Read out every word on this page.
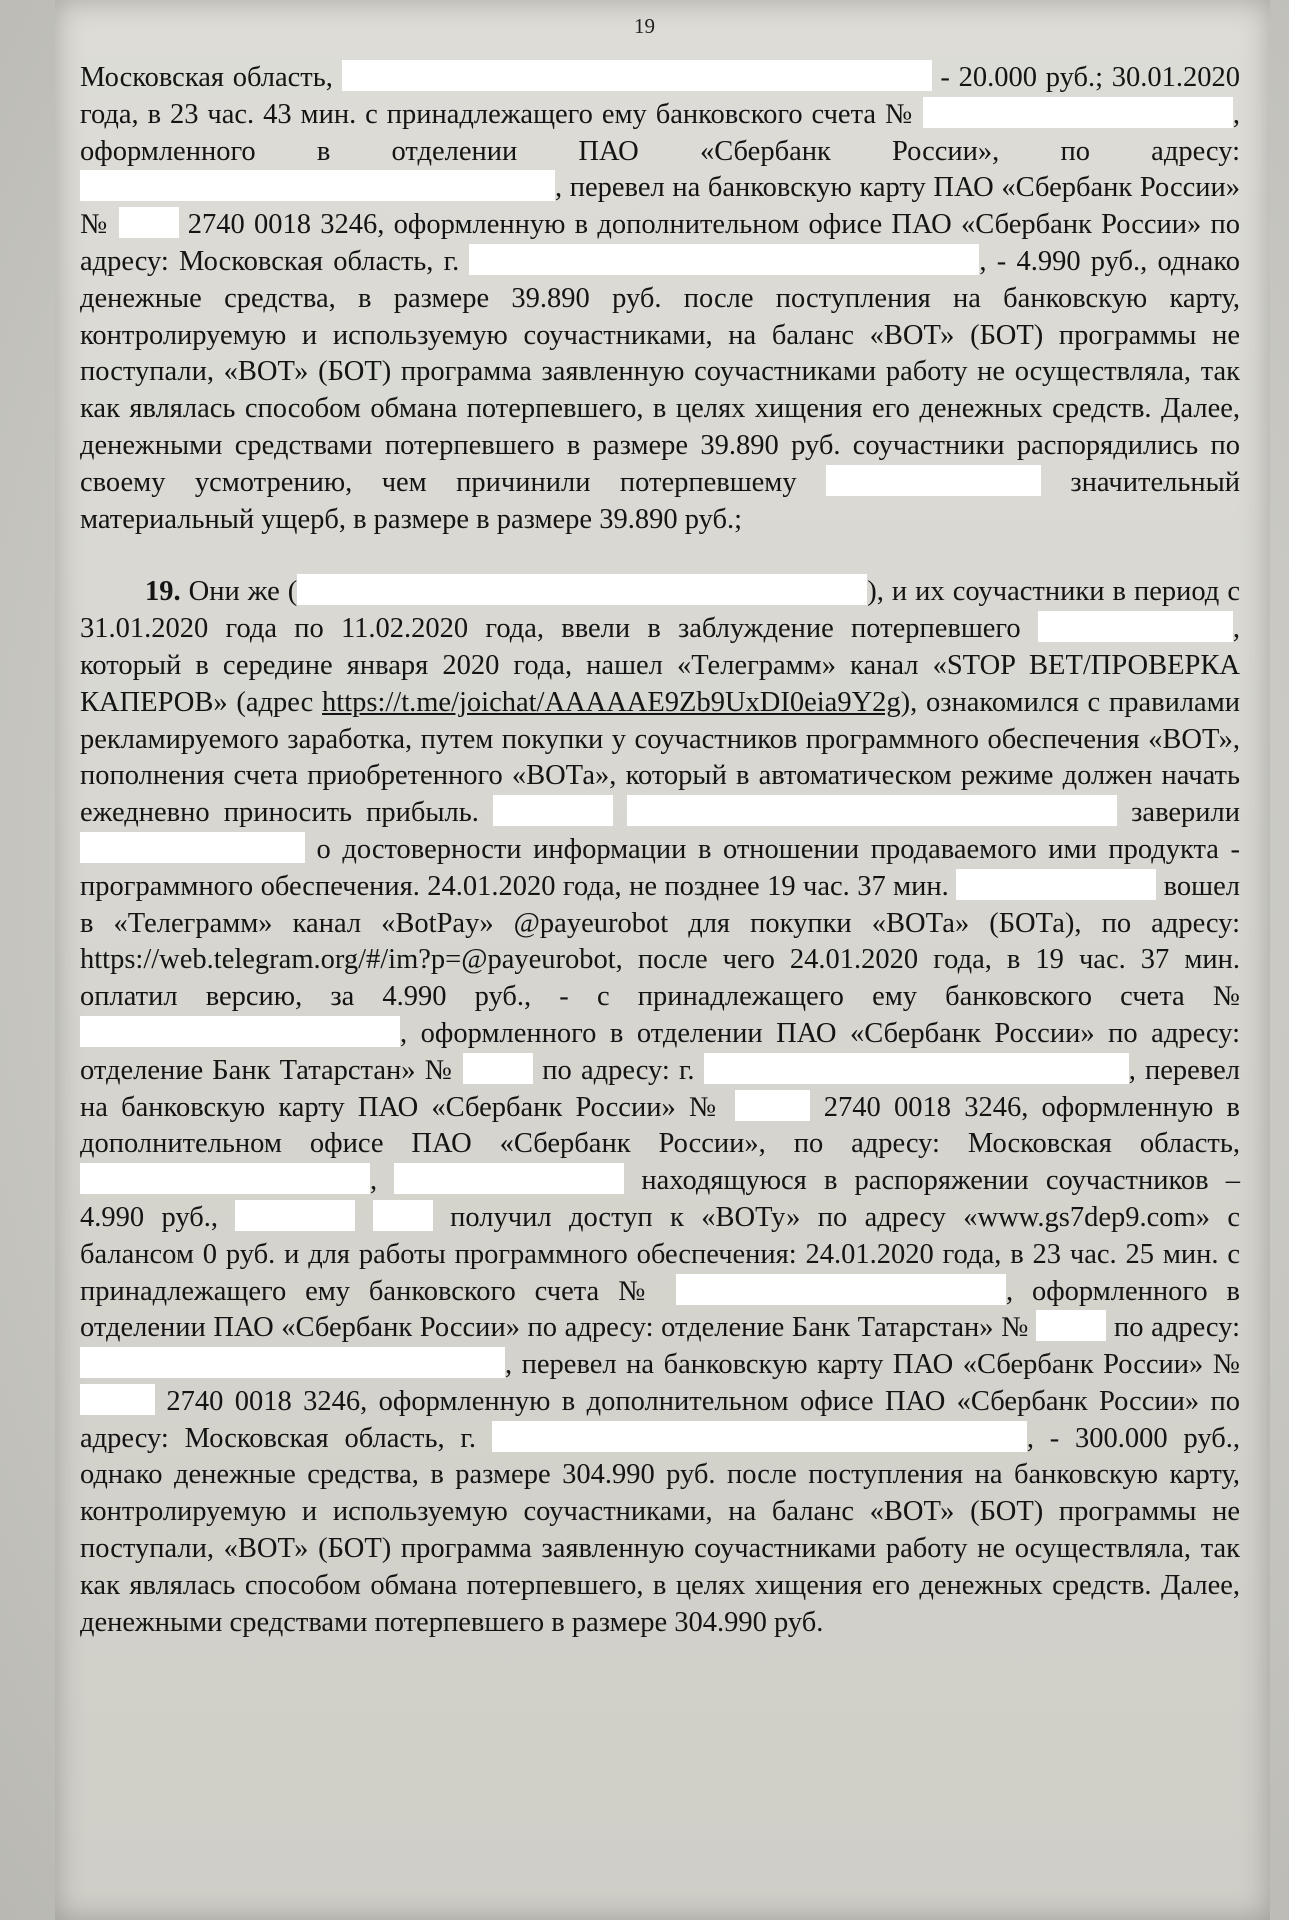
19

Московская область,	- 20.000 руб.; 30.01.2020 года, в 23 час. 43 мин. с принадлежащего ему банковского счета №	, оформленного в отделении ПАО «Сбербанк России», по адресу: , перевел на банковскую карту ПАО «Сбербанк России» №  2740 0018 3246, оформленную в дополнительном офисе ПАО «Сбербанк России» по адресу: Московская область, г.	, - 4.990 руб., однако денежные средства, в размере 39.890 руб. после поступления на банковскую карту, контролируемую и используемую соучастниками, на баланс «ВОТ» (БОТ) программы не поступали, «ВОТ» (БОТ) программа заявленную соучастниками работу не осуществляла, так как являлась способом обмана потерпевшего, в целях хищения его денежных средств. Далее, денежными средствами потерпевшего в размере 39.890 руб. соучастники распорядились по своему усмотрению, чем причинили потерпевшему	значительный материальный ущерб, в размере в размере 39.890 руб.;

19. Они же (	), и их соучастники в период с 31.01.2020 года по 11.02.2020 года, ввели в заблуждение потерпевшего	, который в середине января 2020 года, нашел «Телеграмм» канал «STOP ВЕТ/ПРОВЕРКА КАПЕРОВ» (адрес https://t.me/joichat/AAAAAE9Zb9UxDI0eia9Y2g), ознакомился с правилами рекламируемого заработка, путем покупки у соучастников программного обеспечения «ВОТ», пополнения счета приобретенного «ВОТа», который в автоматическом режиме должен начать ежедневно приносить прибыль.	заверили  о достоверности информации в отношении продаваемого ими продукта - программного обеспечения. 24.01.2020 года, не позднее 19 час. 37 мин.	вошел в «Телеграмм» канал «BotPay» @payeurobot для покупки «ВОТа» (БОТа), по адресу: https://web.telegram.org/#/im?p=@payeurobot, после чего 24.01.2020 года, в 19 час. 37 мин. оплатил версию, за 4.990 руб., - с принадлежащего ему банковского счета № , оформленного в отделении ПАО «Сбербанк России» по адресу: отделение Банк Татарстан» №  по адресу: г.	, перевел на банковскую карту ПАО «Сбербанк России» №	2740 0018 3246, оформленную в дополнительном офисе ПАО «Сбербанк России», по адресу: Московская область, ,	находящуюся в распоряжении соучастников – 4.990 руб.,	получил доступ к «ВОТу» по адресу «www.gs7dep9.com» с балансом 0 руб. и для работы программного обеспечения: 24.01.2020 года, в 23 час. 25 мин. с принадлежащего ему банковского счета №	, оформленного в отделении ПАО «Сбербанк России» по адресу: отделение Банк Татарстан» №  по адресу: , перевел на банковскую карту ПАО «Сбербанк России» №  2740 0018 3246, оформленную в дополнительном офисе ПАО «Сбербанк России» по адресу: Московская область, г.	, - 300.000 руб., однако денежные средства, в размере 304.990 руб. после поступления на банковскую карту, контролируемую и используемую соучастниками, на баланс «ВОТ» (БОТ) программы не поступали, «ВОТ» (БОТ) программа заявленную соучастниками работу не осуществляла, так как являлась способом обмана потерпевшего, в целях хищения его денежных средств. Далее, денежными средствами потерпевшего в размере 304.990 руб.
